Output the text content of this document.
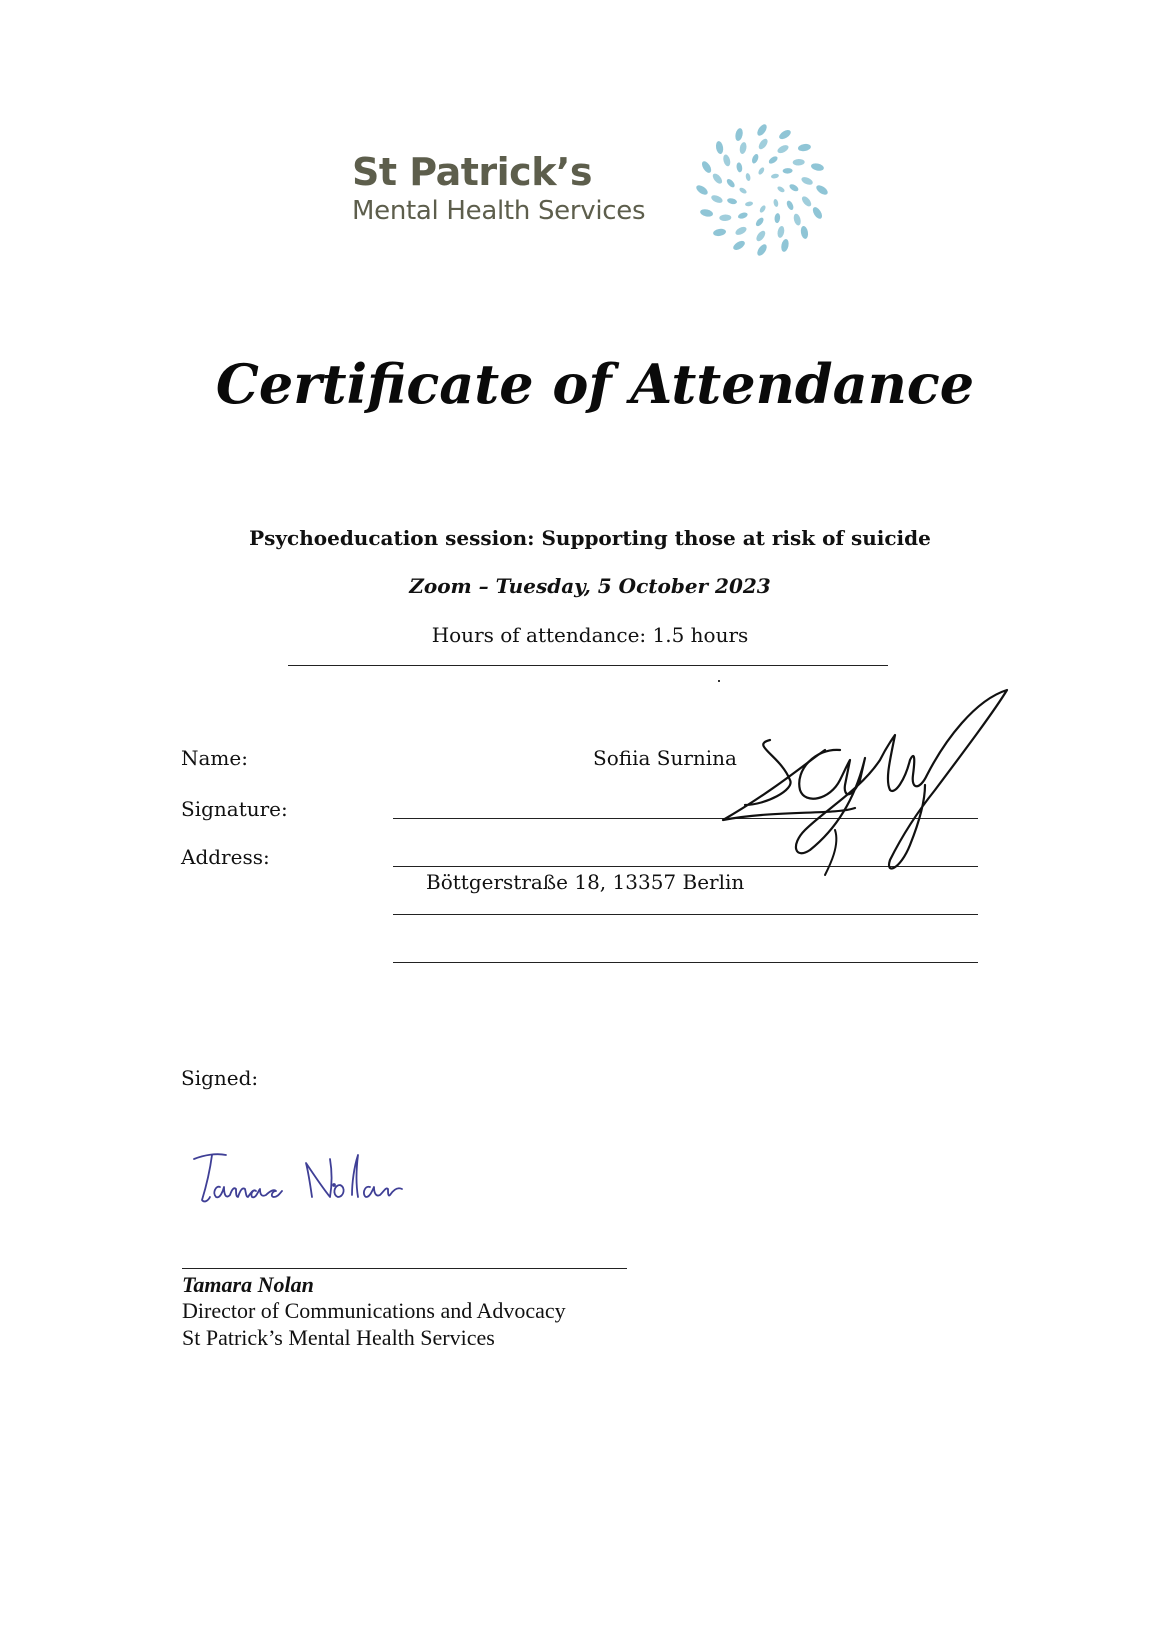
St Patrick’s
Mental Health Services
Certificate of Attendance
Psychoeducation session: Supporting those at risk of suicide
Zoom – Tuesday, 5 October 2023
Hours of attendance: 1.5 hours
Name:	Sofiia Surnina
Signature:
Address:
Böttgerstraße 18, 13357 Berlin
Signed:
Tamara Nolan
Director of Communications and Advocacy
St Patrick’s Mental Health Services
